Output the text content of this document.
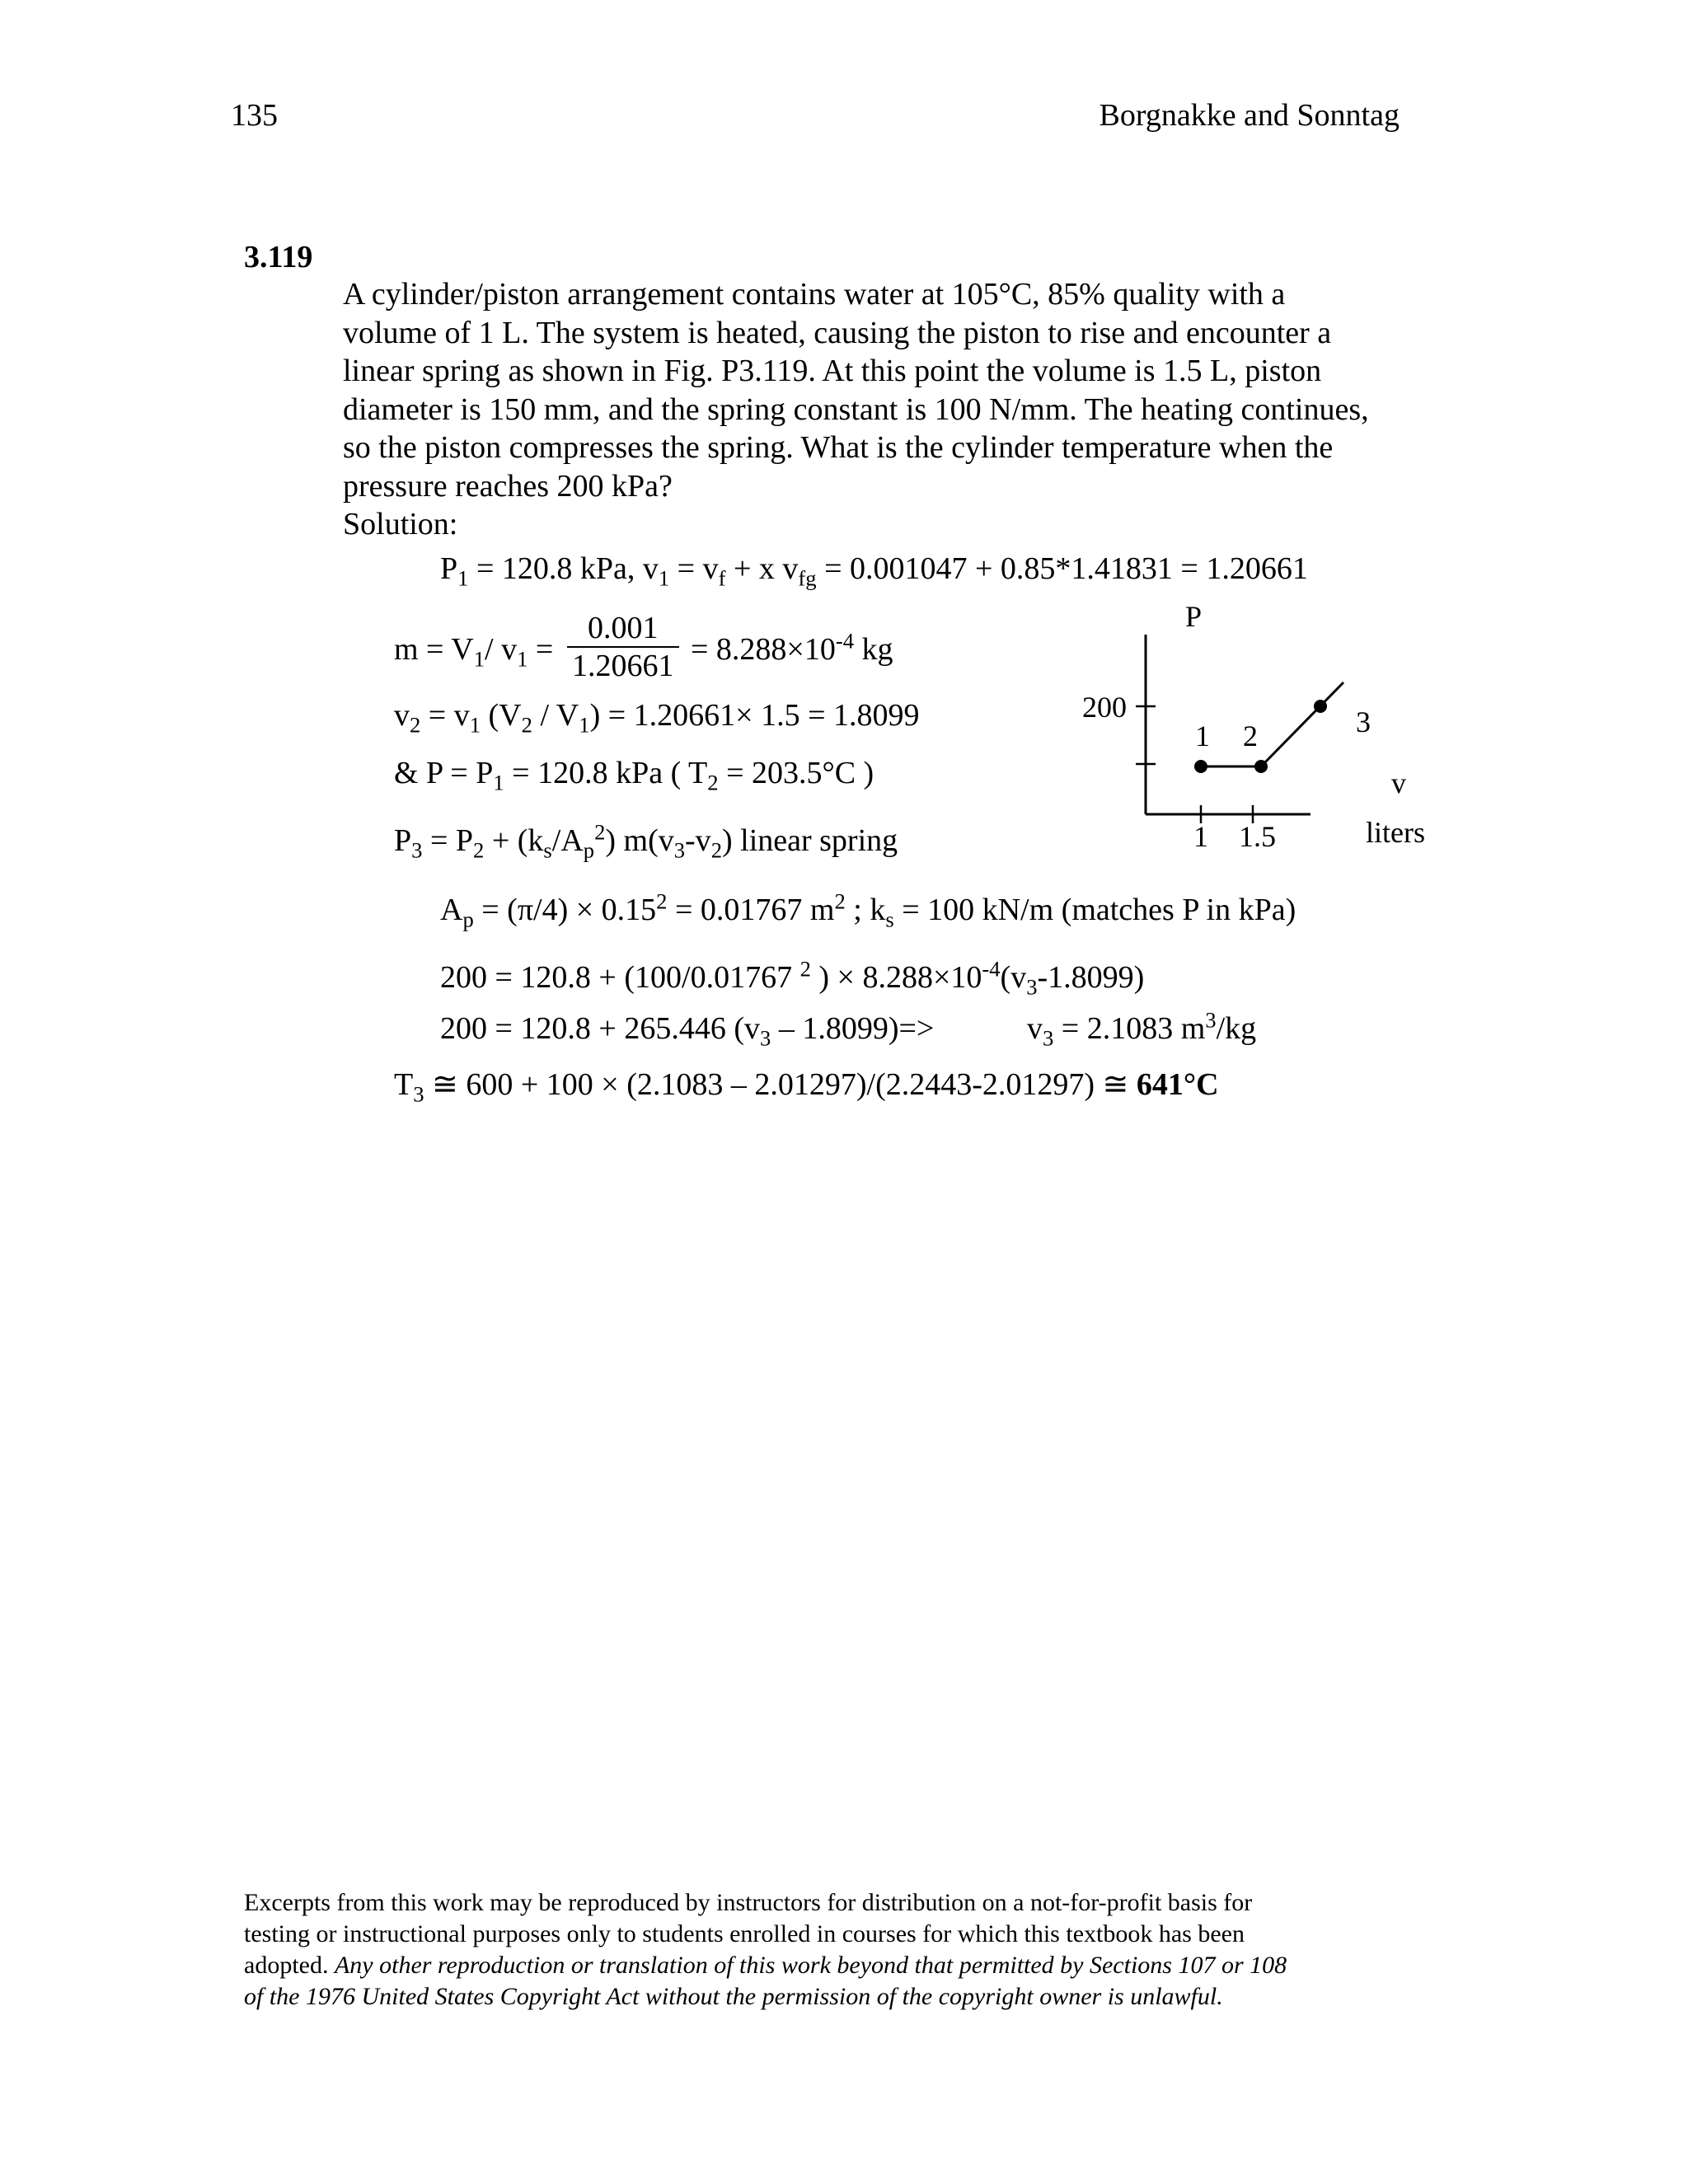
135	Borgnakke and Sonntag
3.119
A cylinder/piston arrangement contains water at 105°C, 85% quality with a
volume of 1 L. The system is heated, causing the piston to rise and encounter a
linear spring as shown in Fig. P3.119. At this point the volume is 1.5 L, piston
diameter is 150 mm, and the spring constant is 100 N/mm. The heating continues,
so the piston compresses the spring. What is the cylinder temperature when the
pressure reaches 200 kPa?
Solution:
$P_1 = 120.8$ kPa, $v_1 = v_f + x$ $v_{fg} = 0.001047 + 0.85*1.41831 = 1.20661$
$m = V_1/$ $v_1 = \frac{0.001}{1.20661} = 8.288\times 10^{-4}$ kg
$v_2 = v_1$ $(V_2 / V_1) = 1.20661\times 1.5 = 1.8099$
& $P = P_1 = 120.8$ kPa ( $T_2 = 203.5^\circ C$ )
$P_3 = P_2 + (k_s/A_p^2)$ $m(v_3-v_2)$ linear spring
$A_p = (\pi/4) \times 0.15^2 = 0.01767$ $m^2$ ; $k_s = 100$ kN/m (matches P in kPa)
200 = 120.8 + (100/0.01767 $^2$ ) × $8.288\times 10^{-4}(v_3-1.8099)$
200 = 120.8 + 265.446 $(v_3 - 1.8099)=>$	$v_3 = 2.1083$ $m^3/kg$
$T_3$ ≅ 600 + 100 × (2.1083 – 2.01297)/(2.2443-2.01297) ≅ 641°C
P
200
1 2	3
v
1 1.5	liters
Excerpts from this work may be reproduced by instructors for distribution on a not-for-profit basis for
testing or instructional purposes only to students enrolled in courses for which this textbook has been
adopted. Any other reproduction or translation of this work beyond that permitted by Sections 107 or 108
of the 1976 United States Copyright Act without the permission of the copyright owner is unlawful.
